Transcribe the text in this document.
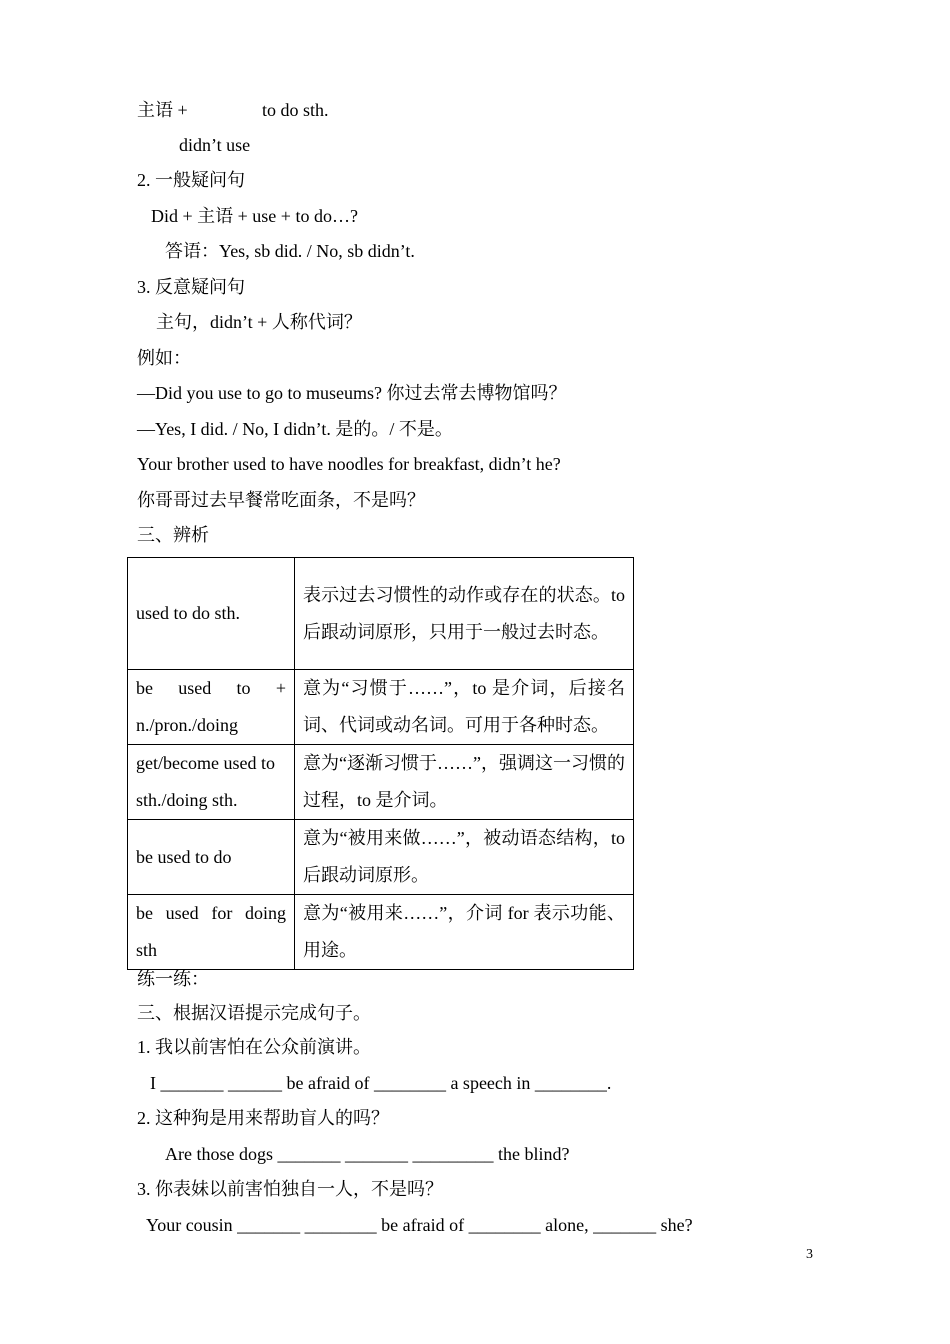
主语 +	to do sth.
didn’t use
2. 一般疑问句
Did + 主语 + use + to do…?
答语：Yes, sb did. / No, sb didn’t.
3. 反意疑问句
主句，didn’t + 人称代词？
例如：
—Did you use to go to museums? 你过去常去博物馆吗？
—Yes, I did. / No, I didn’t. 是的。/ 不是。
Your brother used to have noodles for breakfast, didn’t he?
你哥哥过去早餐常吃面条，不是吗？
三、辨析
used to do sth.	表示过去习惯性的动作或存在的状态。to 后跟动词原形，只用于一般过去时态。

be used to +
n./pron./doing	意为“习惯于……”，to 是介词，后接名词、代词或动名词。可用于各种时态。

get/become used to
sth./doing sth.	意为“逐渐习惯于……”，强调这一习惯的过程，to 是介词。
be used to do	意为“被用来做……”，被动语态结构，to 后跟动词原形。

be used for doing
sth	意为“被用来……”，介词 for 表示功能、用途。
练一练：
三、根据汉语提示完成句子。
1. 我以前害怕在公众前演讲。
I _______ ______ be afraid of ________ a speech in ________.
2. 这种狗是用来帮助盲人的吗？
Are those dogs _______ _______ _________ the blind?
3. 你表妹以前害怕独自一人，不是吗？
Your cousin _______ ________ be afraid of ________ alone, _______ she?
3
